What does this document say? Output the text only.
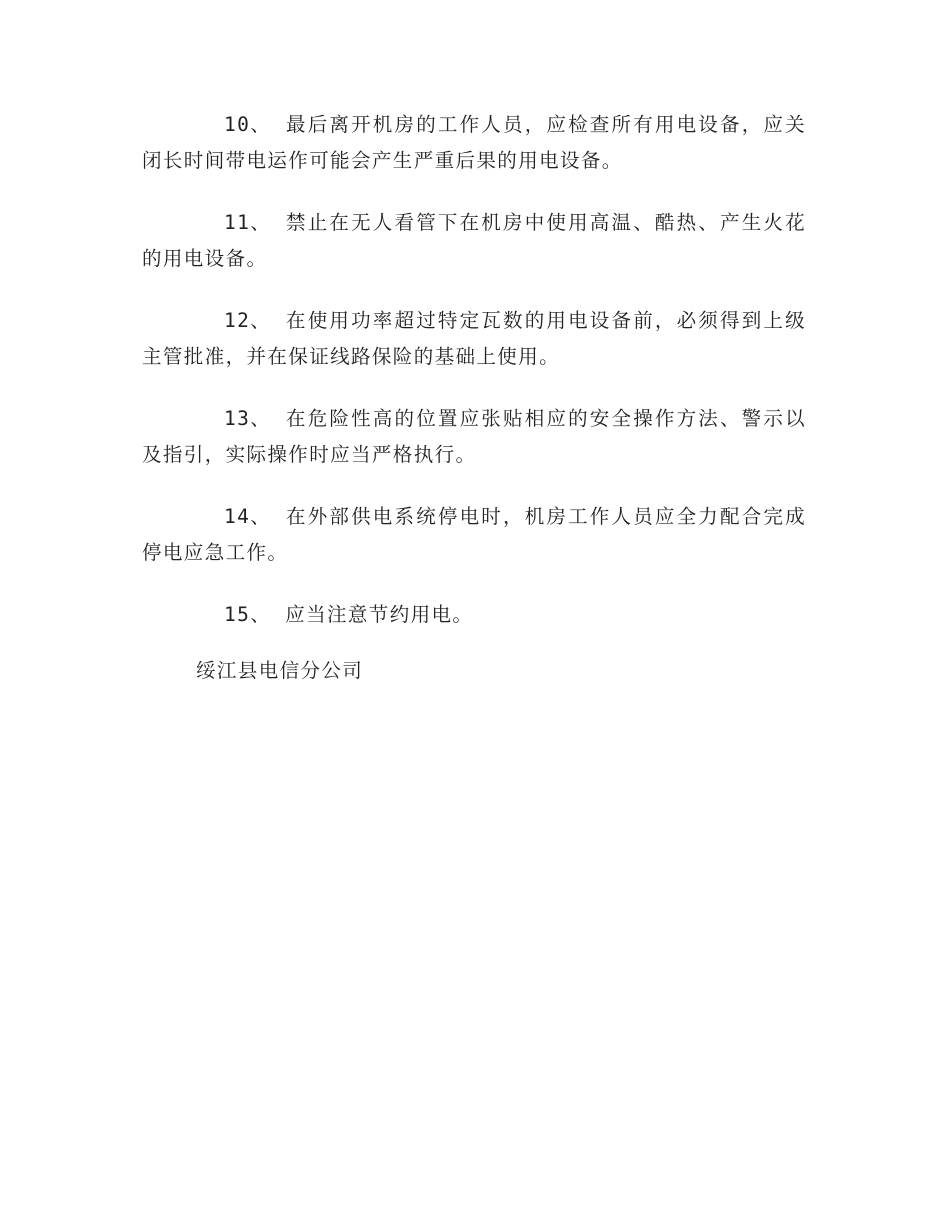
10、 最后离开机房的工作人员，应检查所有用电设备，应关闭长时间带电运作可能会产生严重后果的用电设备。

11、 禁止在无人看管下在机房中使用高温、酷热、产生火花的用电设备。

12、 在使用功率超过特定瓦数的用电设备前，必须得到上级主管批准，并在保证线路保险的基础上使用。

13、 在危险性高的位置应张贴相应的安全操作方法、警示以及指引，实际操作时应当严格执行。

14、 在外部供电系统停电时，机房工作人员应全力配合完成停电应急工作。

15、 应当注意节约用电。

绥江县电信分公司
